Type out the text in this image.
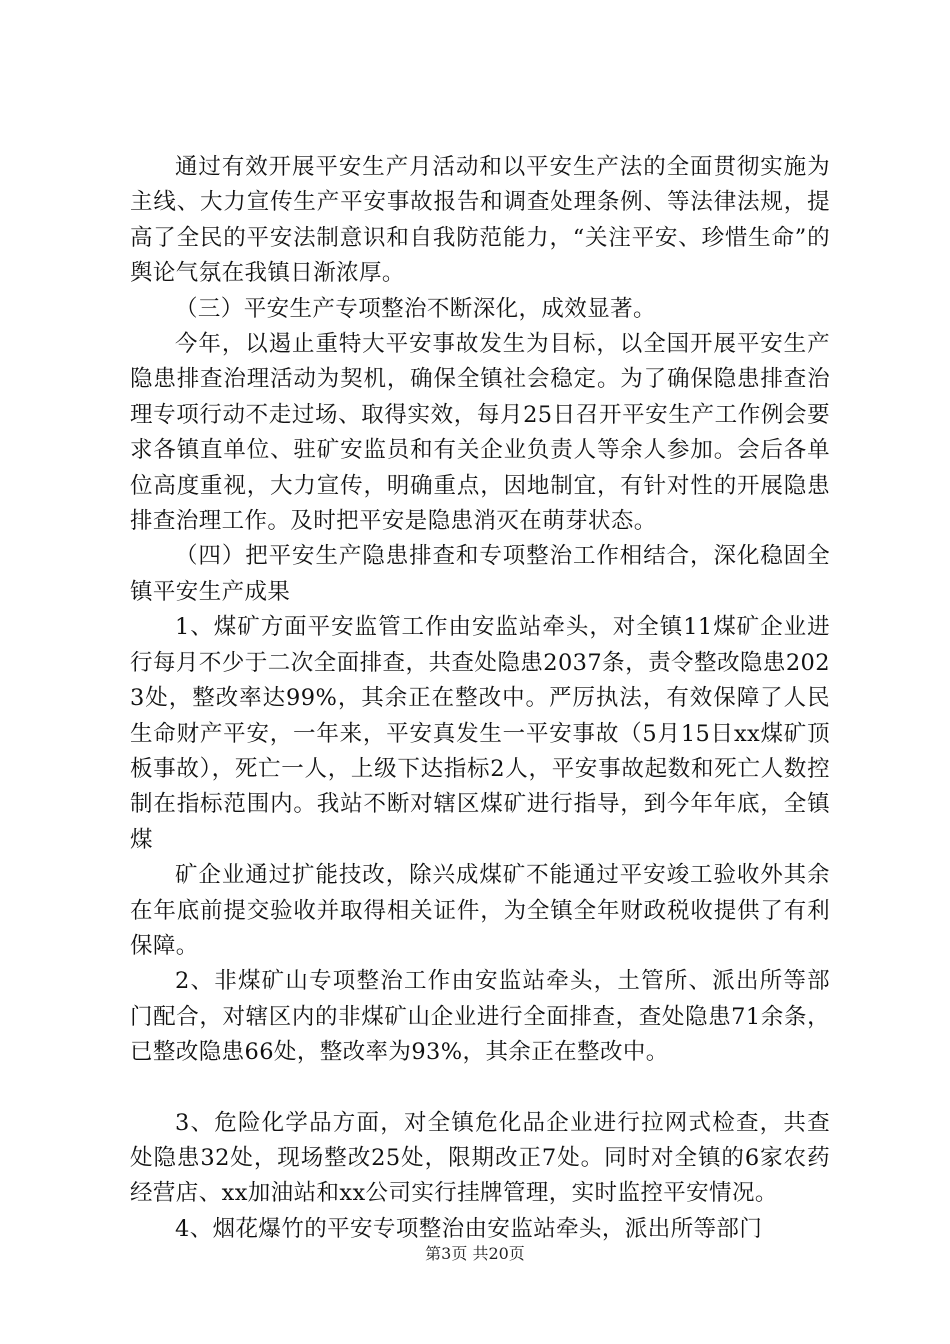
通过有效开展平安生产月活动和以平安生产法的全面贯彻实施为主线、大力宣传生产平安事故报告和调查处理条例、等法律法规，提高了全民的平安法制意识和自我防范能力，“关注平安、珍惜生命”的舆论气氛在我镇日渐浓厚。

（三）平安生产专项整治不断深化，成效显著。

今年，以遏止重特大平安事故发生为目标，以全国开展平安生产隐患排查治理活动为契机，确保全镇社会稳定。为了确保隐患排查治理专项行动不走过场、取得实效，每月25日召开平安生产工作例会要求各镇直单位、驻矿安监员和有关企业负责人等余人参加。会后各单位高度重视，大力宣传，明确重点，因地制宜，有针对性的开展隐患排查治理工作。及时把平安是隐患消灭在萌芽状态。

（四）把平安生产隐患排查和专项整治工作相结合，深化稳固全镇平安生产成果

1、煤矿方面平安监管工作由安监站牵头，对全镇11煤矿企业进行每月不少于二次全面排查，共查处隐患2037条，责令整改隐患2023处，整改率达99%，其余正在整改中。严厉执法，有效保障了人民生命财产平安，一年来，平安真发生一平安事故（5月15日xx煤矿顶板事故），死亡一人，上级下达指标2人，平安事故起数和死亡人数控制在指标范围内。我站不断对辖区煤矿进行指导，到今年年底，全镇煤

矿企业通过扩能技改，除兴成煤矿不能通过平安竣工验收外其余在年底前提交验收并取得相关证件，为全镇全年财政税收提供了有利保障。

2、非煤矿山专项整治工作由安监站牵头，土管所、派出所等部门配合，对辖区内的非煤矿山企业进行全面排查，查处隐患71余条，已整改隐患66处，整改率为93%，其余正在整改中。

3、危险化学品方面，对全镇危化品企业进行拉网式检查，共查处隐患32处，现场整改25处，限期改正7处。同时对全镇的6家农药经营店、xx加油站和xx公司实行挂牌管理，实时监控平安情况。

4、烟花爆竹的平安专项整治由安监站牵头，派出所等部门

第3页 共20页
